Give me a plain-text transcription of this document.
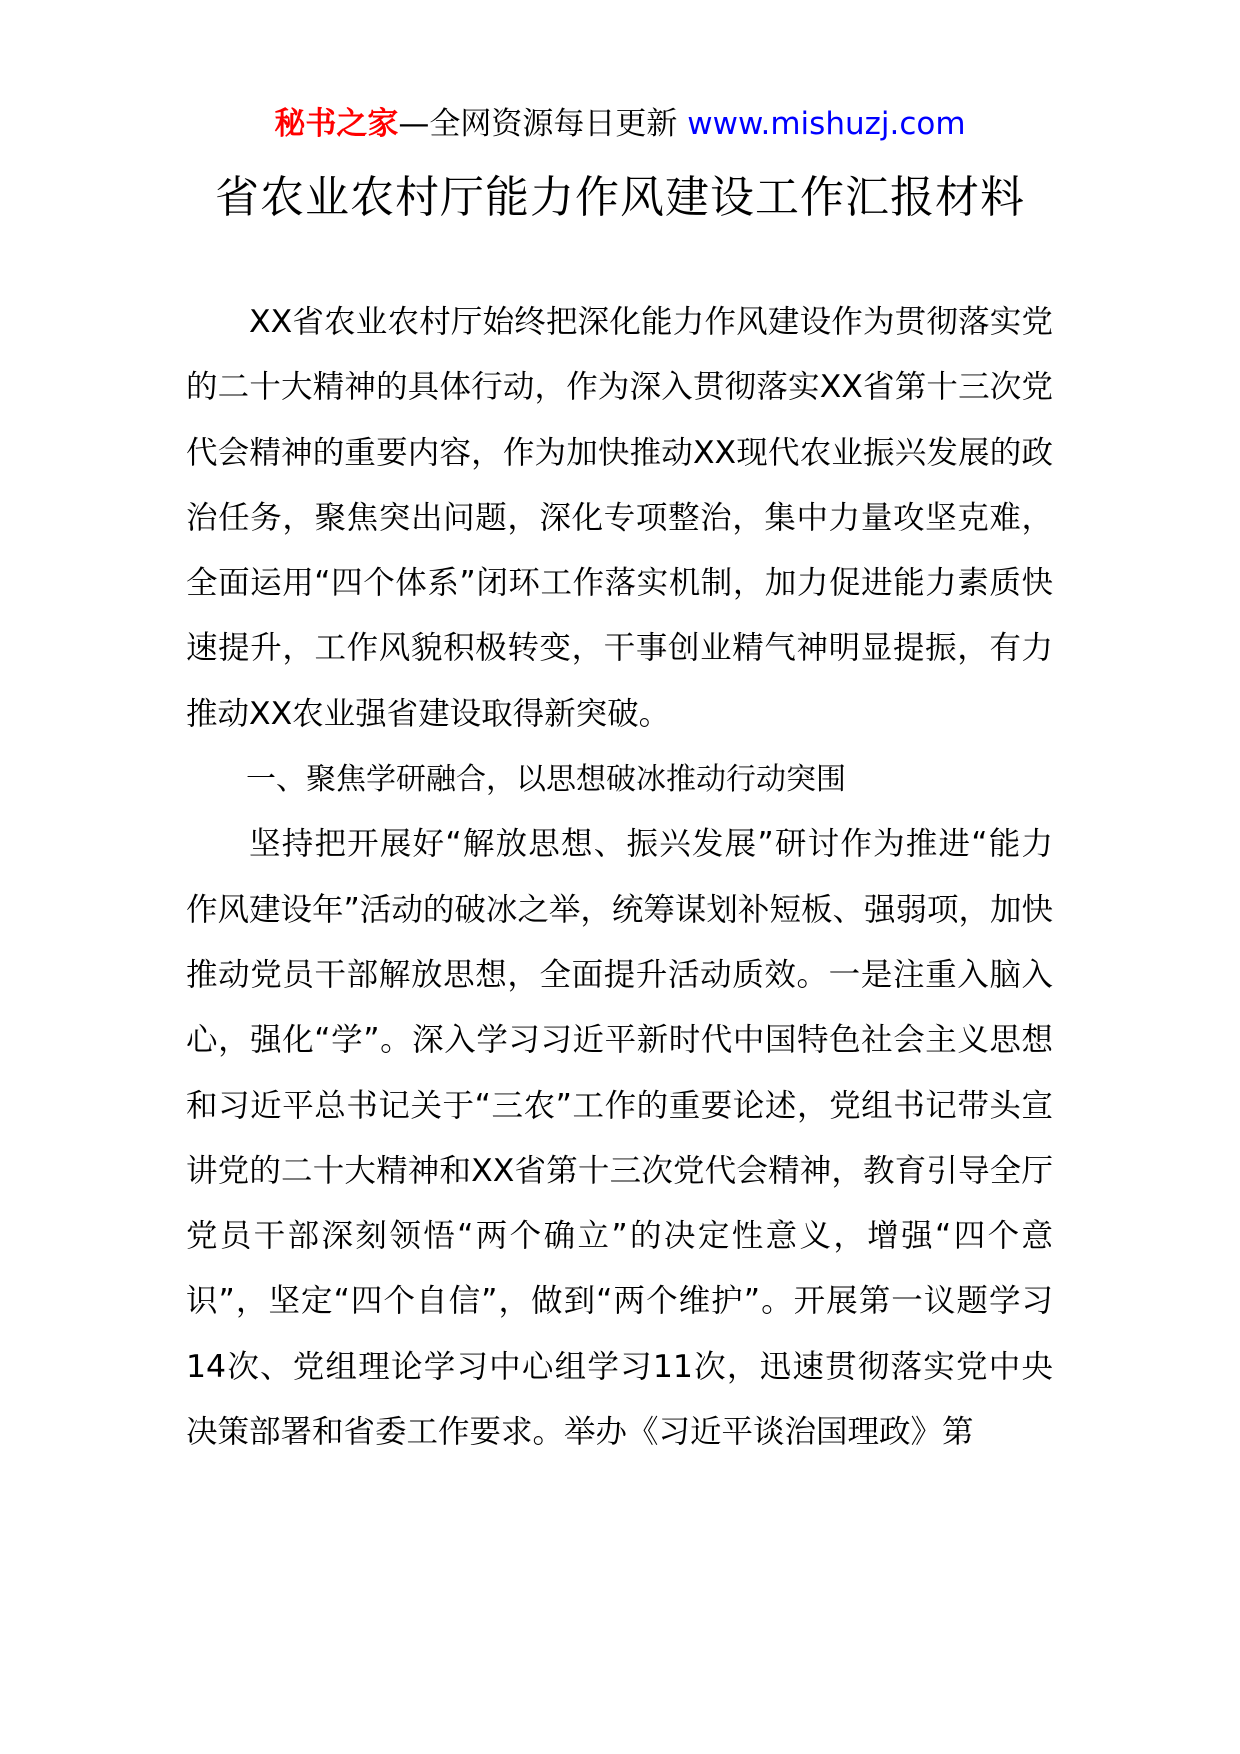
秘书之家—全网资源每日更新 www.mishuzj.com
省农业农村厅能力作风建设工作汇报材料

XX省农业农村厅始终把深化能力作风建设作为贯彻落实党的二十大精神的具体行动，作为深入贯彻落实XX省第十三次党代会精神的重要内容，作为加快推动XX现代农业振兴发展的政治任务，聚焦突出问题，深化专项整治，集中力量攻坚克难，全面运用“四个体系”闭环工作落实机制，加力促进能力素质快速提升，工作风貌积极转变，干事创业精气神明显提振，有力推动XX农业强省建设取得新突破。

一、聚焦学研融合，以思想破冰推动行动突围

坚持把开展好“解放思想、振兴发展”研讨作为推进“能力作风建设年”活动的破冰之举，统筹谋划补短板、强弱项，加快推动党员干部解放思想，全面提升活动质效。一是注重入脑入心，强化“学”。深入学习习近平新时代中国特色社会主义思想和习近平总书记关于“三农”工作的重要论述，党组书记带头宣讲党的二十大精神和XX省第十三次党代会精神，教育引导全厅党员干部深刻领悟“两个确立”的决定性意义，增强“四个意识”，坚定“四个自信”，做到“两个维护”。开展第一议题学习14次、党组理论学习中心组学习11次，迅速贯彻落实党中央决策部署和省委工作要求。举办《习近平谈治国理政》第
